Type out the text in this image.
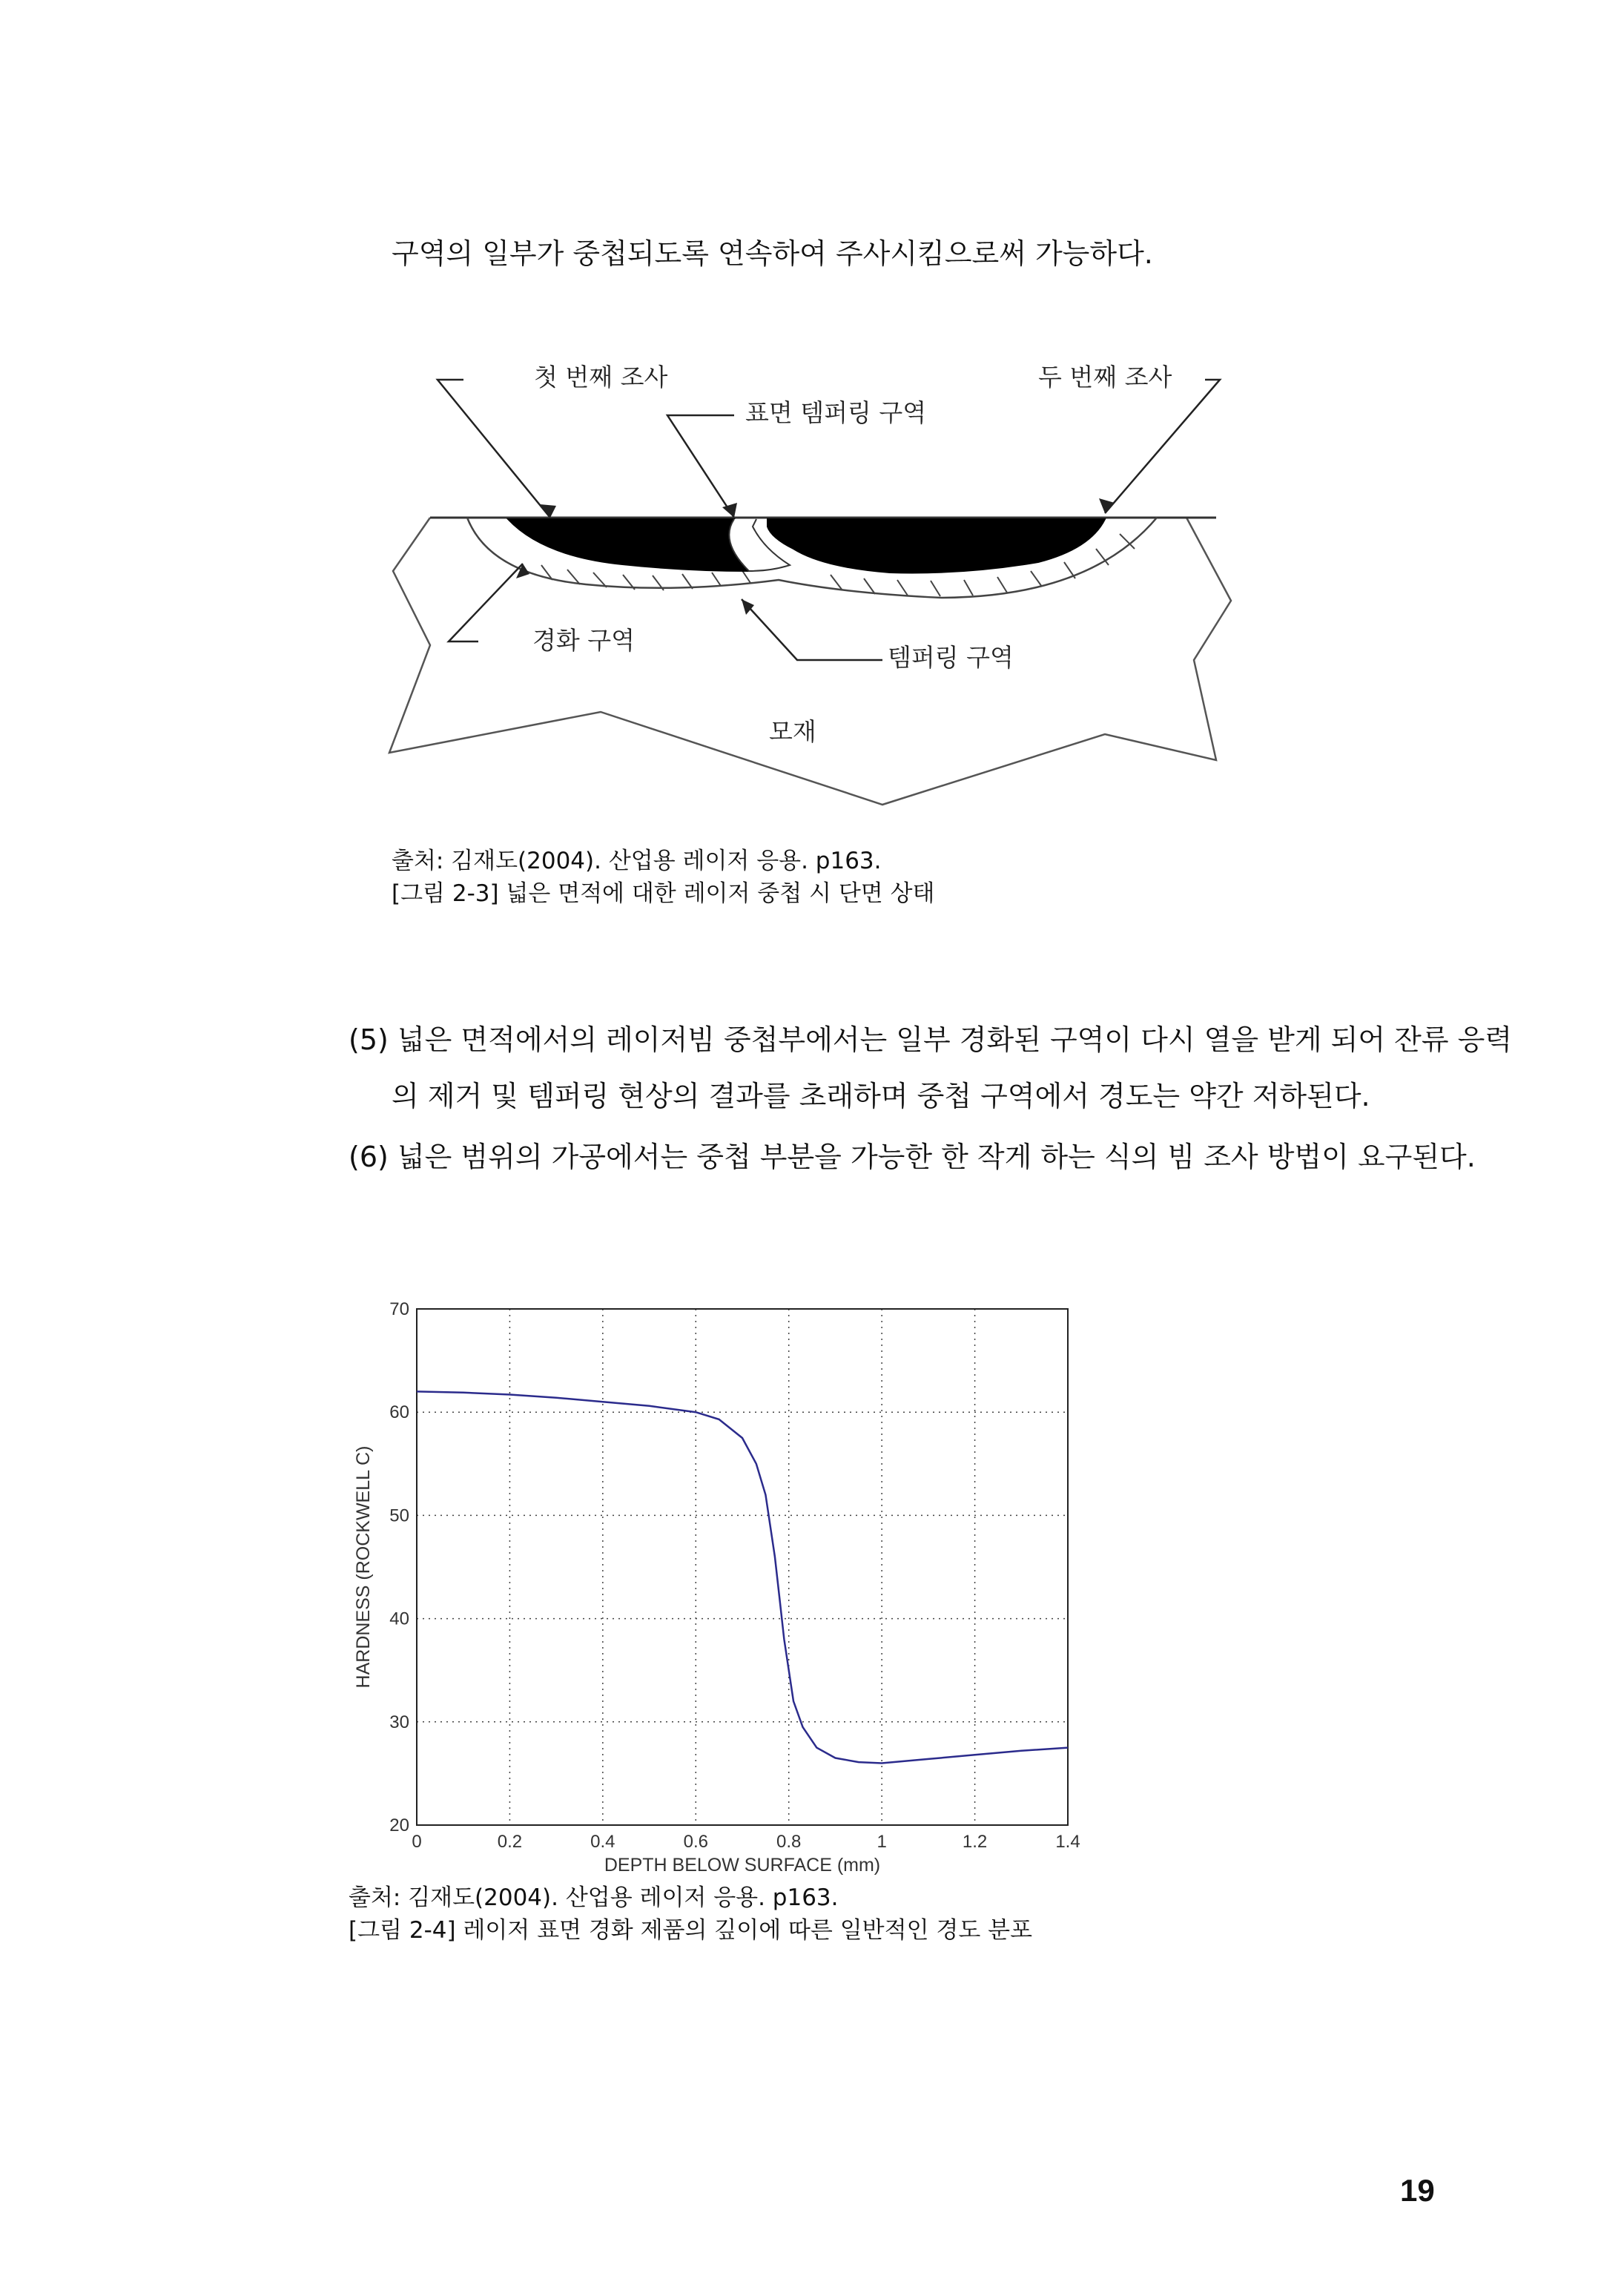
구역의 일부가 중첩되도록 연속하여 주사시킴으로써 가능하다.
첫 번째 조사	두 번째 조사
표면 템퍼링 구역
경화 구역
템퍼링 구역
모재
출처: 김재도(2004). 산업용 레이저 응용. p163.
[그림 2-3] 넓은 면적에 대한 레이저 중첩 시 단면 상태
(5) 넓은 면적에서의 레이저빔 중첩부에서는 일부 경화된 구역이 다시 열을 받게 되어 잔류 응력
의 제거 및 템퍼링 현상의 결과를 초래하며 중첩 구역에서 경도는 약간 저하된다.
(6) 넓은 범위의 가공에서는 중첩 부분을 가능한 한 작게 하는 식의 빔 조사 방법이 요구된다.
0	0.2	0.4	0.6	0.8	1	1.2	1.4
20
30
40
50
60
70
DEPTH BELOW SURFACE (mm)
HARDNESS (ROCKWELL C)
출처: 김재도(2004). 산업용 레이저 응용. p163.
[그림 2-4] 레이저 표면 경화 제품의 깊이에 따른 일반적인 경도 분포
19
